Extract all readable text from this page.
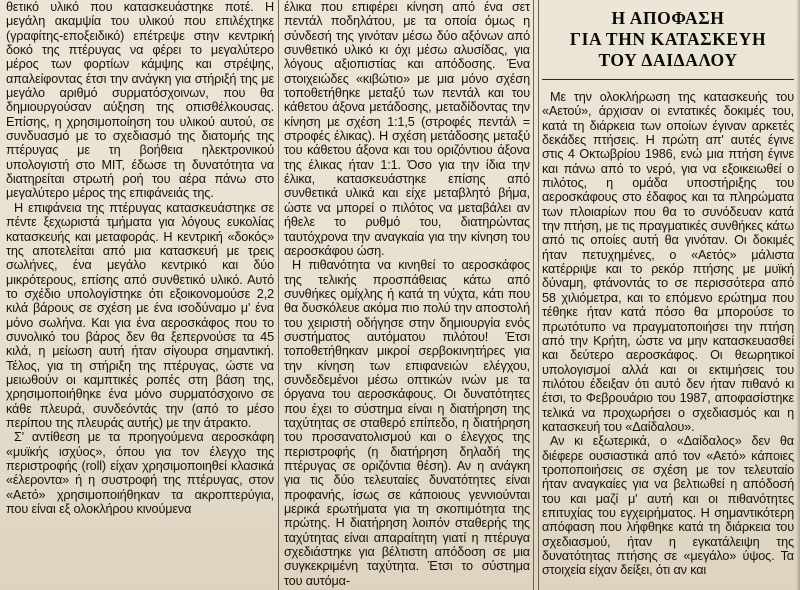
θετικό υλικό που κατασκευάστηκε ποτέ. Η μεγάλη ακαμψία του υλικού που επιλέχτηκε (γραφίτης-εποξειδικό) επέτρεψε στην κεντρική δοκό της πτέρυγας να φέρει το μεγαλύτερο μέρος των φορτίων κάμψης και στρέψης, απαλείφοντας έτσι την ανάγκη για στήριξή της με μεγάλο αριθμό συρματόσχοινων, που θα δημιουργούσαν αύξηση της οπισθέλκουσας. Επίσης, η χρησιμοποίηση του υλικού αυτού, σε συνδυασμό με το σχεδιασμό της διατομής της πτέρυγας με τη βοήθεια ηλεκτρονικού υπολογιστή στο ΜΙΤ, έδωσε τη δυνατότητα να διατηρείται στρωτή ροή του αέρα πάνω στο μεγαλύτερο μέρος της επιφάνειάς της.

Η επιφάνεια της πτέρυγας κατασκευάστηκε σε πέντε ξεχωριστά τμήματα για λόγους ευκολίας κατασκευής και μεταφοράς. Η κεντρική «δοκός» της αποτελείται από μια κατασκευή με τρεις σωλήνες, ένα μεγάλο κεντρικό και δύο μικρότερους, επίσης από συνθετικό υλικό. Αυτό το σχέδιο υπολογίστηκε ότι εξοικονομούσε 2,2 κιλά βάρους σε σχέση με ένα ισοδύναμο μ' ένα μόνο σωλήνα. Και για ένα αεροσκάφος που το συνολικό του βάρος δεν θα ξεπερνούσε τα 45 κιλά, η μείωση αυτή ήταν σίγουρα σημαντική. Τέλος, για τη στήριξη της πτέρυγας, ώστε να μειωθούν οι καμπτικές ροπές στη βάση της, χρησιμοποιήθηκε ένα μόνο συρματόσχοινο σε κάθε πλευρά, συνδεόντάς την (από το μέσο περίπου της πλευράς αυτής) με την άτρακτο.

Σ' αντίθεση με τα προηγούμενα αεροσκάφη «μυϊκής ισχύος», όπου για τον έλεγχο της περιστροφής (roll) είχαν χρησιμοποιηθεί κλασικά «έλεροντα» ή η συστροφή της πτέρυγας, στον «Αετό» χρησιμοποιήθηκαν τα ακροπτερύγια, που είναι εξ ολοκλήρου κινούμενα

έλικα που επιφέρει κίνηση από ένα σετ πεντάλ ποδηλάτου, με τα οποία όμως η σύνδεσή της γινόταν μέσω δύο αξόνων από συνθετικό υλικό κι όχι μέσω αλυσίδας, για λόγους αξιοπιστίας και απόδοσης. Ένα στοιχειώδες «κιβώτιο» με μια μόνο σχέση τοποθετήθηκε μεταξύ των πεντάλ και του κάθετου άξονα μετάδοσης, μεταδίδοντας την κίνηση με σχέση 1:1,5 (στροφές πεντάλ = στροφές έλικας). Η σχέση μετάδοσης μεταξύ του κάθετου άξονα και του οριζόντιου άξονα της έλικας ήταν 1:1. Όσο για την ίδια την έλικα, κατασκευάστηκε επίσης από συνθετικά υλικά και είχε μεταβλητό βήμα, ώστε να μπορεί ο πιλότος να μεταβάλει αν ήθελε το ρυθμό του, διατηρώντας ταυτόχρονα την αναγκαία για την κίνηση του αεροσκάφου ώση.

Η πιθανότητα να κινηθεί το αεροσκάφος της τελικής προσπάθειας κάτω από συνθήκες ομίχλης ή κατά τη νύχτα, κάτι που θα δυσκόλευε ακόμα πιο πολύ την αποστολή του χειριστή οδήγησε στην δημιουργία ενός συστήματος αυτόματου πιλότου! Έτσι τοποθετήθηκαν μικροί σερβοκινητήρες για την κίνηση των επιφανειών ελέγχου, συνδεδεμένοι μέσω οπτικών ινών με τα όργανα του αεροσκάφους. Οι δυνατότητες που έχει το σύστημα είναι η διατήρηση της ταχύτητας σε σταθερό επίπεδο, η διατήρηση του προσανατολισμού και ο έλεγχος της περιστροφής (η διατήρηση δηλαδή της πτέρυγας σε οριζόντια θέση). Αν η ανάγκη για τις δύο τελευταίες δυνατότητες είναι προφανής, ίσως σε κάποιους γεννιούνται μερικά ερωτήματα για τη σκοπιμότητα της πρώτης. Η διατήρηση λοιπόν σταθερής της ταχύτητας είναι απαραίτητη γιατί η πτέρυγα σχεδιάστηκε για βέλτιστη απόδοση σε μια συγκεκριμένη ταχύτητα. Έτσι το σύστημα του αυτόμα-

Η ΑΠΟΦΑΣΗ
ΓΙΑ ΤΗΝ ΚΑΤΑΣΚΕΥΗ
ΤΟΥ ΔΑΙΔΑΛΟΥ

Με την ολοκλήρωση της κατασκευής του «Αετού», άρχισαν οι εντατικές δοκιμές του, κατά τη διάρκεια των οποίων έγιναν αρκετές δεκάδες πτήσεις. Η πρώτη απ' αυτές έγινε στις 4 Οκτωβρίου 1986, ενώ μια πτήση έγινε και πάνω από το νερό, για να εξοικειωθεί ο πιλότος, η ομάδα υποστήριξης του αεροσκάφους στο έδαφος και τα πληρώματα των πλοιαρίων που θα το συνόδευαν κατά την πτήση, με τις πραγματικές συνθήκες κάτω από τις οποίες αυτή θα γινόταν. Οι δοκιμές ήταν πετυχημένες, ο «Αετός» μάλιστα κατέρριψε και το ρεκόρ πτήσης με μυϊκή δύναμη, φτάνοντάς το σε περισσότερα από 58 χιλιόμετρα, και το επόμενο ερώτημα που τέθηκε ήταν κατά πόσο θα μπορούσε το πρωτότυπο να πραγματοποιήσει την πτήση από την Κρήτη, ώστε να μην κατασκευασθεί και δεύτερο αεροσκάφος. Οι θεωρητικοί υπολογισμοί αλλά και οι εκτιμήσεις του πιλότου έδειξαν ότι αυτό δεν ήταν πιθανό κι έτσι, το Φεβρουάριο του 1987, αποφασίστηκε τελικά να προχωρήσει ο σχεδιασμός και η κατασκευή του «Δαίδαλου».

Αν κι εξωτερικά, ο «Δαίδαλος» δεν θα διέφερε ουσιαστικά από τον «Αετό» κάποιες τροποποιήσεις σε σχέση με τον τελευταίο ήταν αναγκαίες για να βελτιωθεί η απόδοσή του και μαζί μ' αυτή και οι πιθανότητες επιτυχίας του εγχειρήματος. Η σημαντικότερη απόφαση που λήφθηκε κατά τη διάρκεια του σχεδιασμού, ήταν η εγκατάλειψη της δυνατότητας πτήσης σε «μεγάλο» ύψος. Τα στοιχεία είχαν δείξει, ότι αν και
